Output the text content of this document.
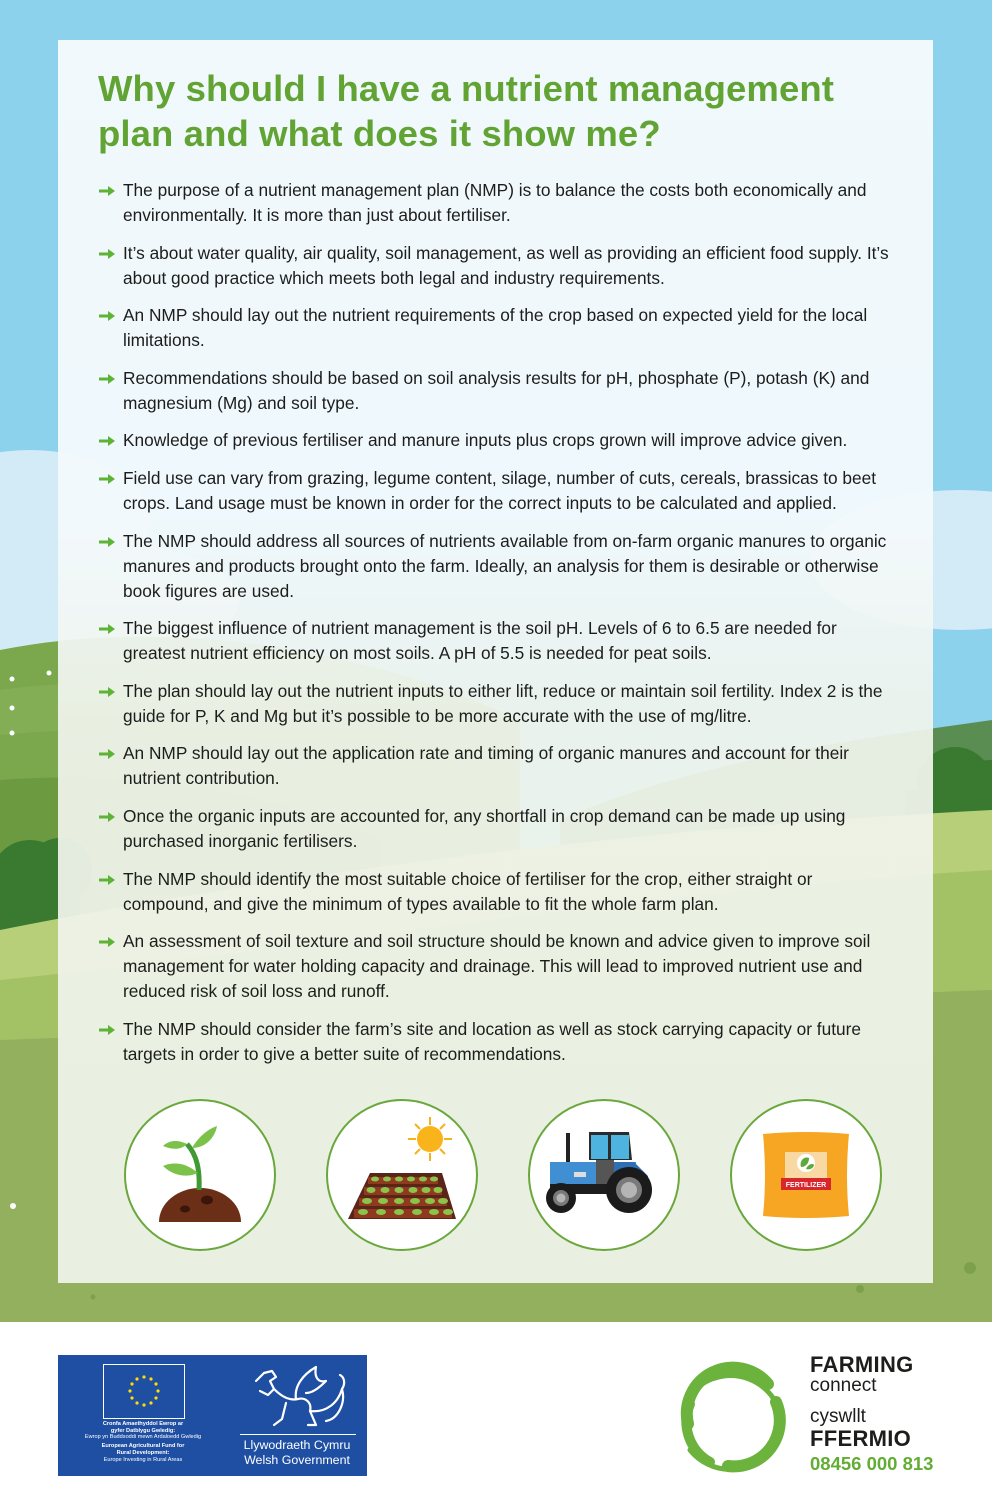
Why should I have a nutrient management plan and what does it show me?
The purpose of a nutrient management plan (NMP) is to balance the costs both economically and environmentally. It is more than just about fertiliser.
It’s about water quality, air quality, soil management, as well as providing an efficient food supply. It’s about good practice which meets both legal and industry requirements.
An NMP should lay out the nutrient requirements of the crop based on expected yield for the local limitations.
Recommendations should be based on soil analysis results for pH, phosphate (P), potash (K) and magnesium (Mg) and soil type.
Knowledge of previous fertiliser and manure inputs plus crops grown will improve advice given.
Field use can vary from grazing, legume content, silage, number of cuts, cereals, brassicas to beet crops. Land usage must be known in order for the correct inputs to be calculated and applied.
The NMP should address all sources of nutrients available from on-farm organic manures to organic manures and products brought onto the farm. Ideally, an analysis for them is desirable or otherwise book figures are used.
The biggest influence of nutrient management is the soil pH. Levels of 6 to 6.5 are needed for greatest nutrient efficiency on most soils. A pH of 5.5 is needed for peat soils.
The plan should lay out the nutrient inputs to either lift, reduce or maintain soil fertility. Index 2 is the guide for P, K and Mg but it’s possible to be more accurate with the use of mg/litre.
An NMP should lay out the application rate and timing of organic manures and account for their nutrient contribution.
Once the organic inputs are accounted for, any shortfall in crop demand can be made up using purchased inorganic fertilisers.
The NMP should identify the most suitable choice of fertiliser for the crop, either straight or compound, and give the minimum of types available to fit the whole farm plan.
An assessment of soil texture and soil structure should be known and advice given to improve soil management for water holding capacity and drainage. This will lead to improved nutrient use and reduced risk of soil loss and runoff.
The NMP should consider the farm’s site and location as well as stock carrying capacity or future targets in order to give a better suite of recommendations.
FERTILIZER
Cronfa Amaethyddol Ewrop ar
gyfer Datblygu Gwledig:
Ewrop yn Buddsoddi mewn Ardaloedd Gwledig
European Agricultural Fund for
Rural Development:
Europe Investing in Rural Areas
Llywodraeth Cymru
Welsh Government
FARMING
connect
cyswllt
FFERMIO
08456 000 813
